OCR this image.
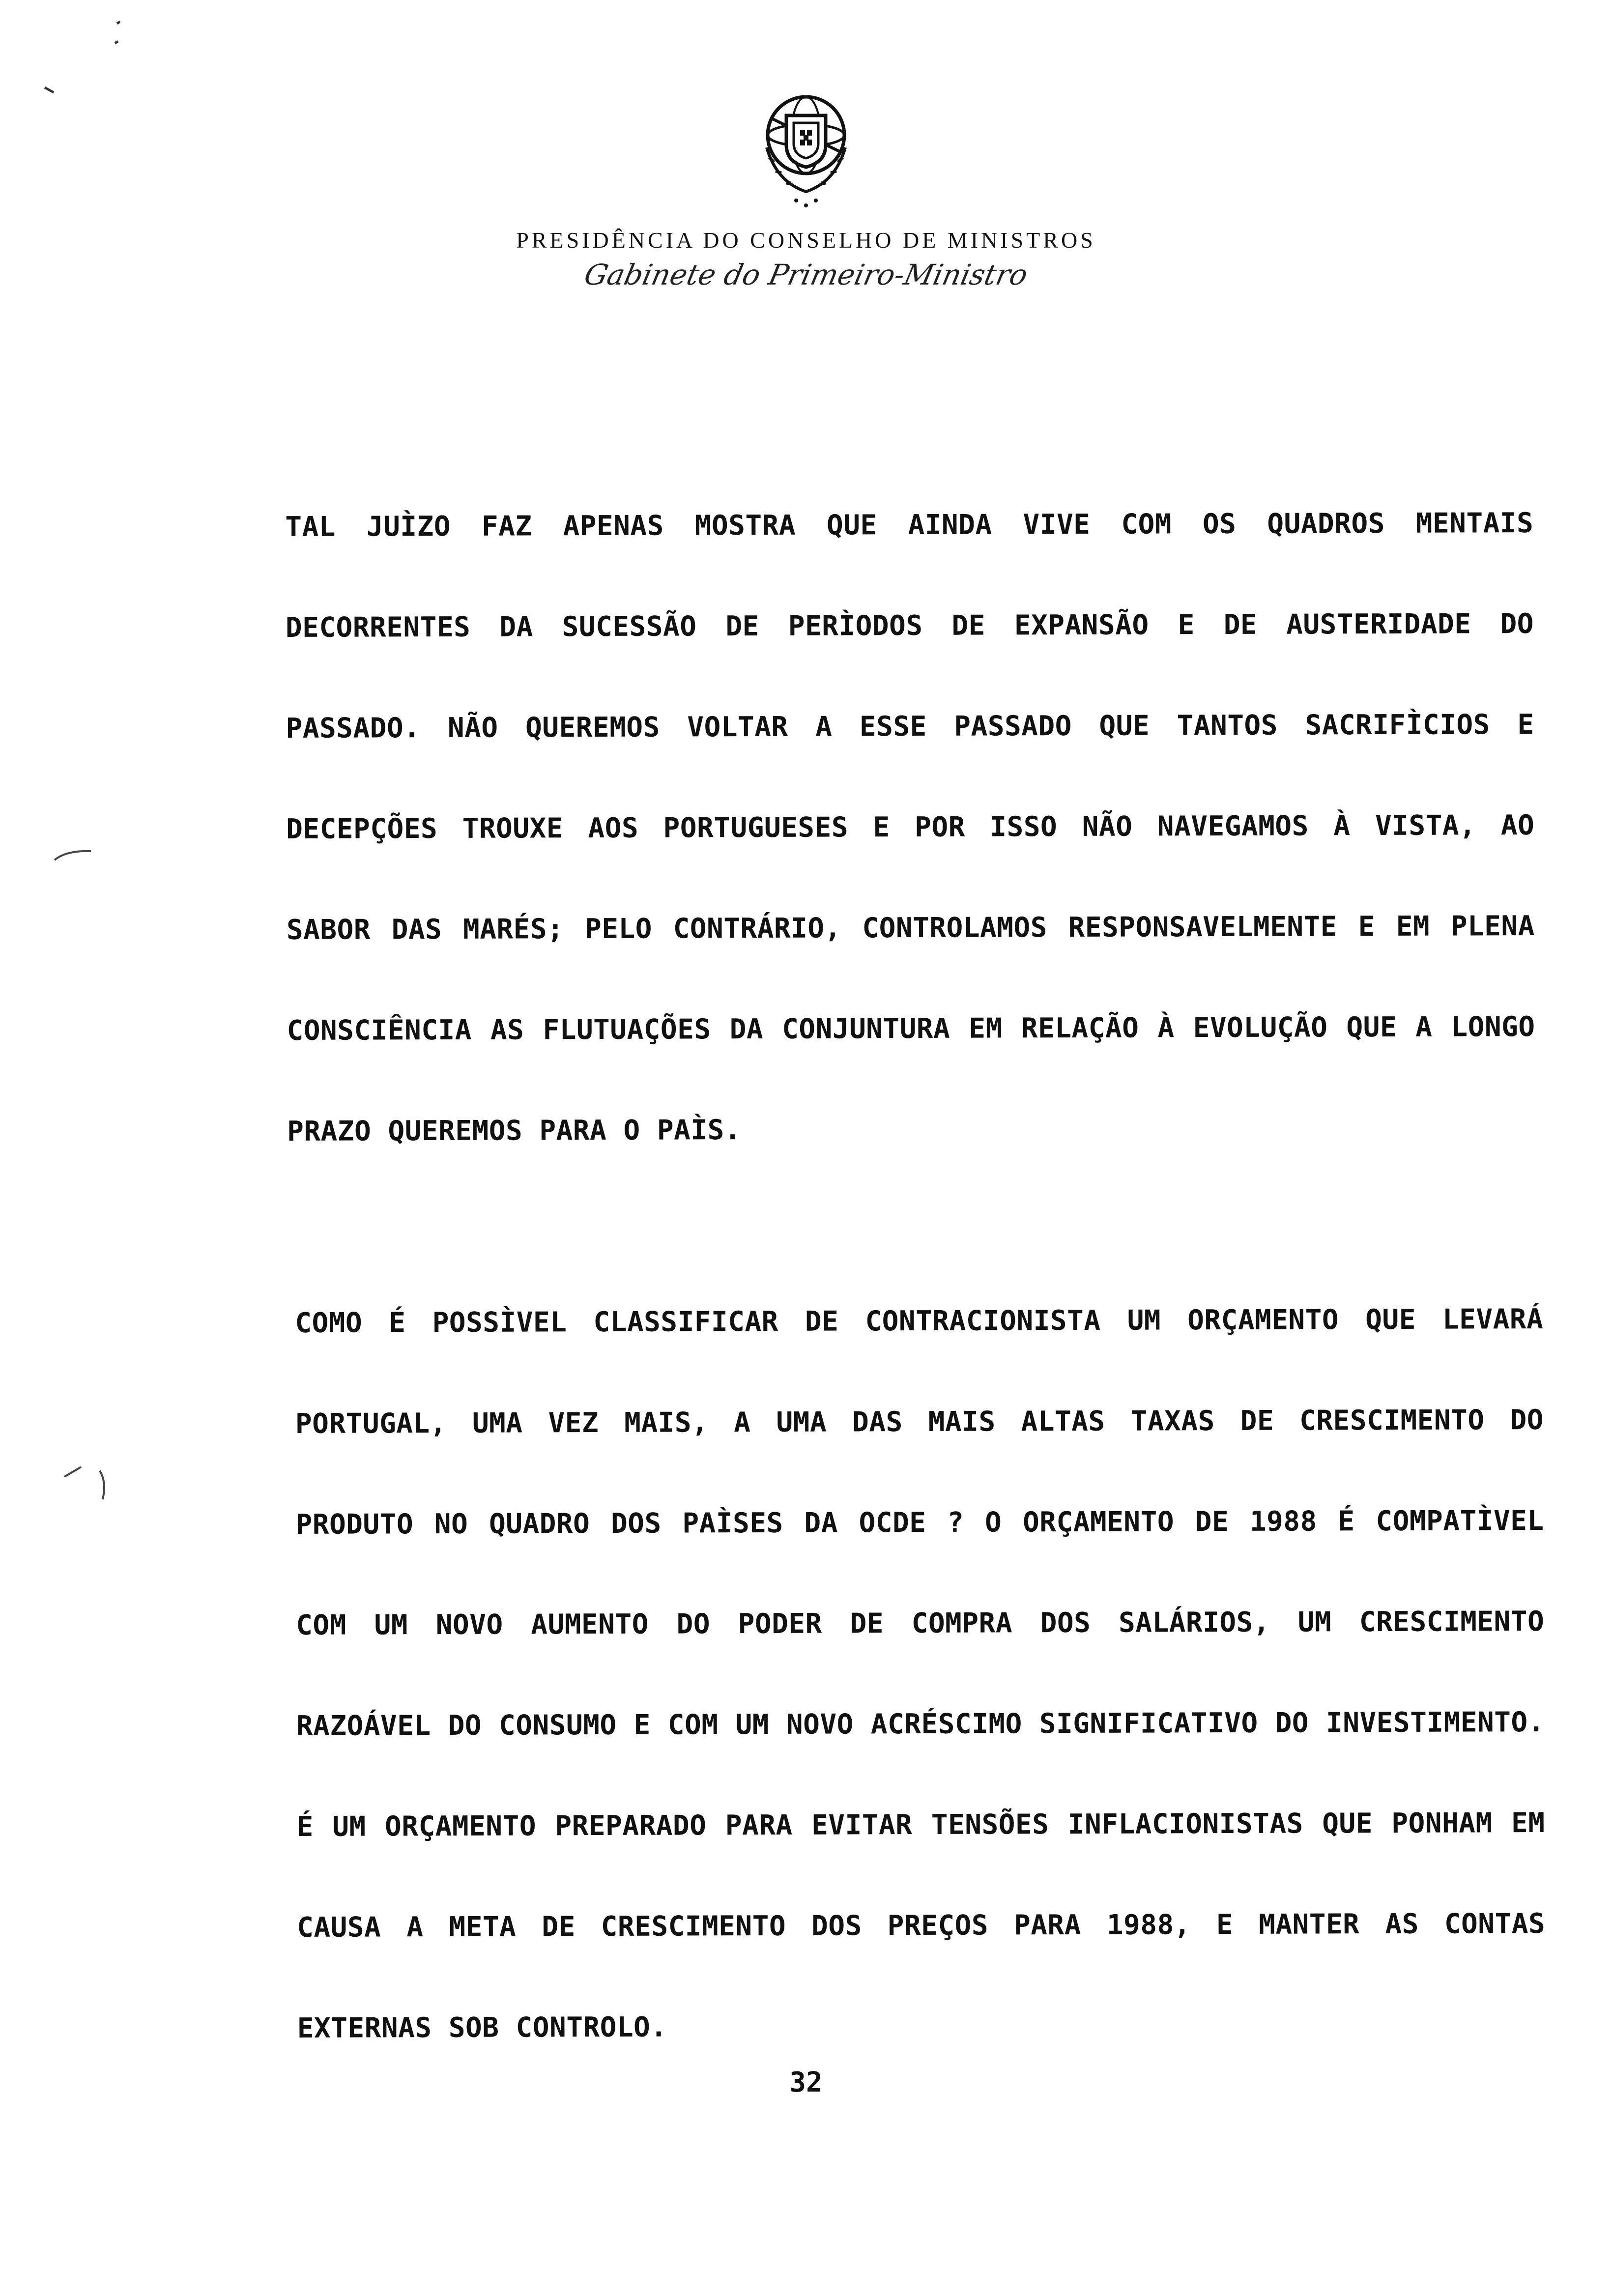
PRESIDÊNCIA DO CONSELHO DE MINISTROS
Gabinete do Primeiro-Ministro

TAL JUÌZO FAZ APENAS MOSTRA QUE AINDA VIVE COM OS QUADROS MENTAIS DECORRENTES DA SUCESSÃO DE PERÌODOS DE EXPANSÃO E DE AUSTERIDADE DO PASSADO. NÃO QUEREMOS VOLTAR A ESSE PASSADO QUE TANTOS SACRIFÌCIOS E DECEPÇÕES TROUXE AOS PORTUGUESES E POR ISSO NÃO NAVEGAMOS À VISTA, AO SABOR DAS MARÉS; PELO CONTRÁRIO, CONTROLAMOS RESPONSAVELMENTE E EM PLENA CONSCIÊNCIA AS FLUTUAÇÕES DA CONJUNTURA EM RELAÇÃO À EVOLUÇÃO QUE A LONGO PRAZO QUEREMOS PARA O PAÌS.

COMO É POSSÌVEL CLASSIFICAR DE CONTRACIONISTA UM ORÇAMENTO QUE LEVARÁ PORTUGAL, UMA VEZ MAIS, A UMA DAS MAIS ALTAS TAXAS DE CRESCIMENTO DO PRODUTO NO QUADRO DOS PAÌSES DA OCDE ? O ORÇAMENTO DE 1988 É COMPATÌVEL COM UM NOVO AUMENTO DO PODER DE COMPRA DOS SALÁRIOS, UM CRESCIMENTO RAZOÁVEL DO CONSUMO E COM UM NOVO ACRÉSCIMO SIGNIFICATIVO DO INVESTIMENTO. É UM ORÇAMENTO PREPARADO PARA EVITAR TENSÕES INFLACIONISTAS QUE PONHAM EM CAUSA A META DE CRESCIMENTO DOS PREÇOS PARA 1988, E MANTER AS CONTAS EXTERNAS SOB CONTROLO.

32
